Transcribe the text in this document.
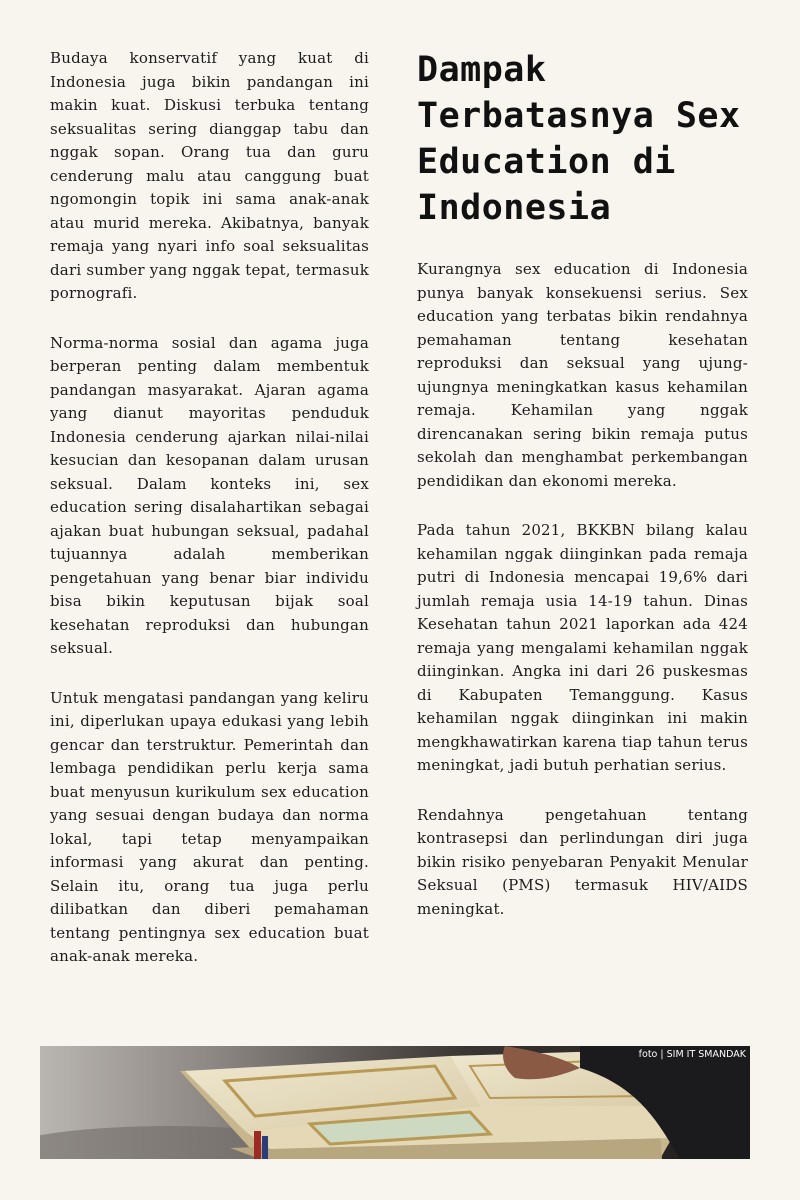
Budaya konservatif yang kuat di Indonesia juga bikin pandangan ini makin kuat. Diskusi terbuka tentang seksualitas sering dianggap tabu dan nggak sopan. Orang tua dan guru cenderung malu atau canggung buat ngomongin topik ini sama anak-anak atau murid mereka. Akibatnya, banyak remaja yang nyari info soal seksualitas dari sumber yang nggak tepat, termasuk pornografi.

Norma-norma sosial dan agama juga berperan penting dalam membentuk pandangan masyarakat. Ajaran agama yang dianut mayoritas penduduk Indonesia cenderung ajarkan nilai-nilai kesucian dan kesopanan dalam urusan seksual. Dalam konteks ini, sex education sering disalahartikan sebagai ajakan buat hubungan seksual, padahal tujuannya adalah memberikan pengetahuan yang benar biar individu bisa bikin keputusan bijak soal kesehatan reproduksi dan hubungan seksual.

Untuk mengatasi pandangan yang keliru ini, diperlukan upaya edukasi yang lebih gencar dan terstruktur. Pemerintah dan lembaga pendidikan perlu kerja sama buat menyusun kurikulum sex education yang sesuai dengan budaya dan norma lokal, tapi tetap menyampaikan informasi yang akurat dan penting. Selain itu, orang tua juga perlu dilibatkan dan diberi pemahaman tentang pentingnya sex education buat anak-anak mereka.

Dampak Terbatasnya Sex Education di Indonesia

Kurangnya sex education di Indonesia punya banyak konsekuensi serius. Sex education yang terbatas bikin rendahnya pemahaman tentang kesehatan reproduksi dan seksual yang ujung-ujungnya meningkatkan kasus kehamilan remaja. Kehamilan yang nggak direncanakan sering bikin remaja putus sekolah dan menghambat perkembangan pendidikan dan ekonomi mereka.

Pada tahun 2021, BKKBN bilang kalau kehamilan nggak diinginkan pada remaja putri di Indonesia mencapai 19,6% dari jumlah remaja usia 14-19 tahun. Dinas Kesehatan tahun 2021 laporkan ada 424 remaja yang mengalami kehamilan nggak diinginkan. Angka ini dari 26 puskesmas di Kabupaten Temanggung. Kasus kehamilan nggak diinginkan ini makin mengkhawatirkan karena tiap tahun terus meningkat, jadi butuh perhatian serius.

Rendahnya pengetahuan tentang kontrasepsi dan perlindungan diri juga bikin risiko penyebaran Penyakit Menular Seksual (PMS) termasuk HIV/AIDS meningkat.

foto | SIM IT SMANDAK
